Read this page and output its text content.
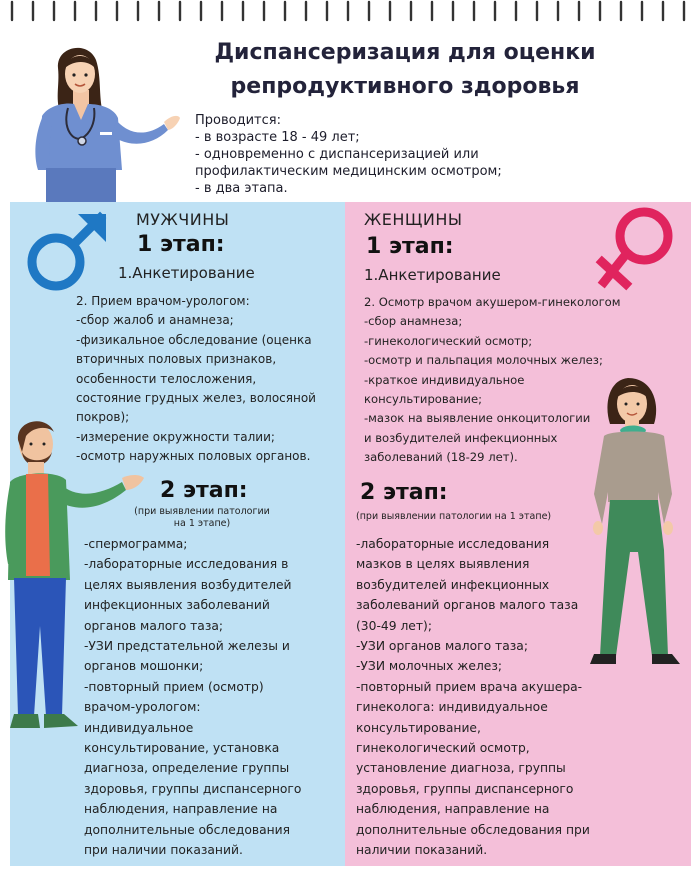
Диспансеризация для оценки
репродуктивного здоровья
Проводится:
- в возрасте 18 - 49 лет;
- одновременно с диспансеризацией или
профилактическим медицинским осмотром;
- в два этапа.
МУЖЧИНЫ
1 этап:
1.Анкетирование
2. Прием врачом-урологом:
-сбор жалоб и анамнеза;
-физикальное обследование (оценка
вторичных половых признаков,
особенности телосложения,
состояние грудных желез, волосяной
покров);
-измерение окружности талии;
-осмотр наружных половых органов.
2 этап:
(при выявлении патологии
на 1 этапе)
-спермограмма;
-лабораторные исследования в
целях выявления возбудителей
инфекционных заболеваний
органов малого таза;
-УЗИ предстательной железы и
органов мошонки;
-повторный прием (осмотр)
врачом-урологом:
индивидуальное
консультирование, установка
диагноза, определение группы
здоровья, группы диспансерного
наблюдения, направление на
дополнительные обследования
при наличии показаний.
ЖЕНЩИНЫ
1 этап:
1.Анкетирование
2. Осмотр врачом акушером-гинекологом
-сбор анамнеза;
-гинекологический осмотр;
-осмотр и пальпация молочных желез;
-краткое индивидуальное
консультирование;
-мазок на выявление онкоцитологии
и возбудителей инфекционных
заболеваний (18-29 лет).
2 этап:
(при выявлении патологии на 1 этапе)
-лабораторные исследования
мазков в целях выявления
возбудителей инфекционных
заболеваний органов малого таза
(30-49 лет);
-УЗИ органов малого таза;
-УЗИ молочных желез;
-повторный прием врача акушера-
гинеколога: индивидуальное
консультирование,
гинекологический осмотр,
установление диагноза, группы
здоровья, группы диспансерного
наблюдения, направление на
дополнительные обследования при
наличии показаний.
